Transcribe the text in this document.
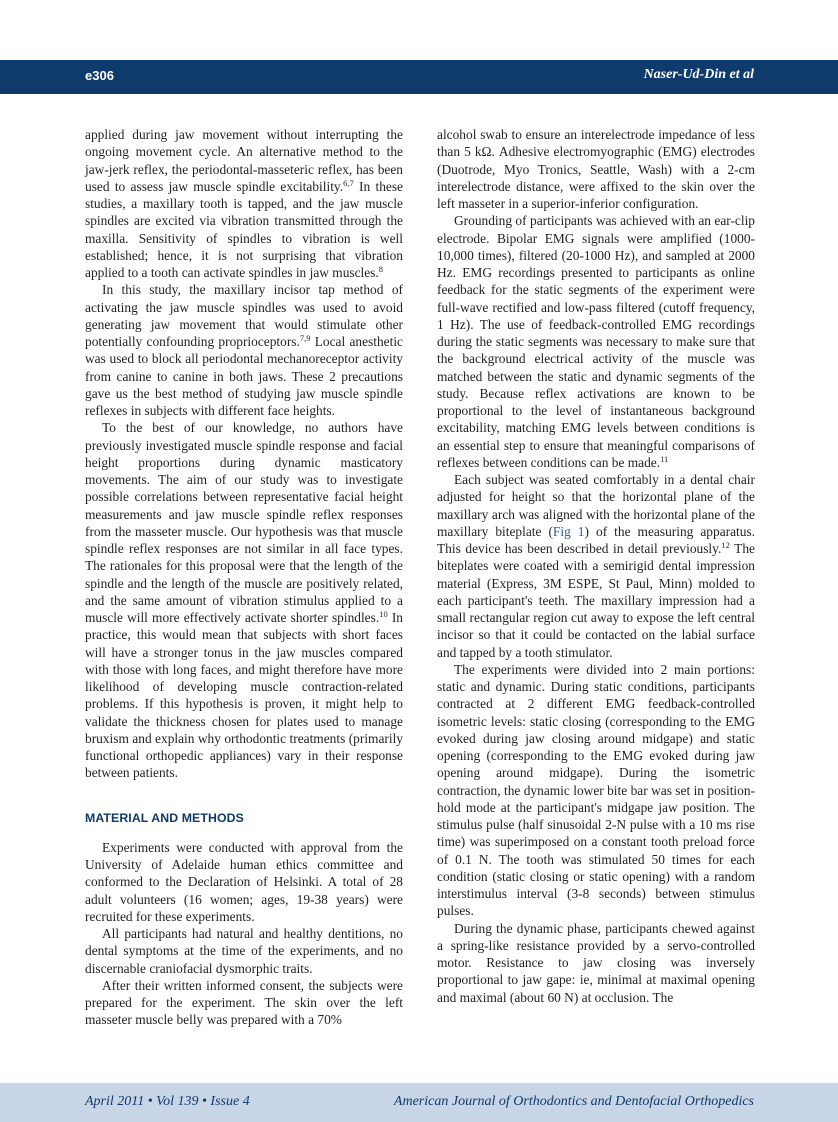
e306	Naser-Ud-Din et al

applied during jaw movement without interrupting the ongoing movement cycle. An alternative method to the jaw-jerk reflex, the periodontal-masseteric reflex, has been used to assess jaw muscle spindle excitability.$^{6,7}$ In these studies, a maxillary tooth is tapped, and the jaw muscle spindles are excited via vibration transmitted through the maxilla. Sensitivity of spindles to vibration is well established; hence, it is not surprising that vibration applied to a tooth can activate spindles in jaw muscles.$^8$

In this study, the maxillary incisor tap method of activating the jaw muscle spindles was used to avoid generating jaw movement that would stimulate other potentially confounding proprioceptors.$^{7,9}$ Local anesthetic was used to block all periodontal mechanoreceptor activity from canine to canine in both jaws. These 2 precautions gave us the best method of studying jaw muscle spindle reflexes in subjects with different face heights.

To the best of our knowledge, no authors have previously investigated muscle spindle response and facial height proportions during dynamic masticatory movements. The aim of our study was to investigate possible correlations between representative facial height measurements and jaw muscle spindle reflex responses from the masseter muscle. Our hypothesis was that muscle spindle reflex responses are not similar in all face types. The rationales for this proposal were that the length of the spindle and the length of the muscle are positively related, and the same amount of vibration stimulus applied to a muscle will more effectively activate shorter spindles.$^{10}$ In practice, this would mean that subjects with short faces will have a stronger tonus in the jaw muscles compared with those with long faces, and might therefore have more likelihood of developing muscle contraction-related problems. If this hypothesis is proven, it might help to validate the thickness chosen for plates used to manage bruxism and explain why orthodontic treatments (primarily functional orthopedic appliances) vary in their response between patients.

MATERIAL AND METHODS

Experiments were conducted with approval from the University of Adelaide human ethics committee and conformed to the Declaration of Helsinki. A total of 28 adult volunteers (16 women; ages, 19-38 years) were recruited for these experiments.

All participants had natural and healthy dentitions, no dental symptoms at the time of the experiments, and no discernable craniofacial dysmorphic traits.

After their written informed consent, the subjects were prepared for the experiment. The skin over the left masseter muscle belly was prepared with a 70%

alcohol swab to ensure an interelectrode impedance of less than 5 kΩ. Adhesive electromyographic (EMG) electrodes (Duotrode, Myo Tronics, Seattle, Wash) with a 2-cm interelectrode distance, were affixed to the skin over the left masseter in a superior-inferior configuration.

Grounding of participants was achieved with an ear-clip electrode. Bipolar EMG signals were amplified (1000-10,000 times), filtered (20-1000 Hz), and sampled at 2000 Hz. EMG recordings presented to participants as online feedback for the static segments of the experiment were full-wave rectified and low-pass filtered (cutoff frequency, 1 Hz). The use of feedback-controlled EMG recordings during the static segments was necessary to make sure that the background electrical activity of the muscle was matched between the static and dynamic segments of the study. Because reflex activations are known to be proportional to the level of instantaneous background excitability, matching EMG levels between conditions is an essential step to ensure that meaningful comparisons of reflexes between conditions can be made.$^{11}$

Each subject was seated comfortably in a dental chair adjusted for height so that the horizontal plane of the maxillary arch was aligned with the horizontal plane of the maxillary biteplate (Fig 1) of the measuring apparatus. This device has been described in detail previously.$^{12}$ The biteplates were coated with a semirigid dental impression material (Express, 3M ESPE, St Paul, Minn) molded to each participant's teeth. The maxillary impression had a small rectangular region cut away to expose the left central incisor so that it could be contacted on the labial surface and tapped by a tooth stimulator.

The experiments were divided into 2 main portions: static and dynamic. During static conditions, participants contracted at 2 different EMG feedback-controlled isometric levels: static closing (corresponding to the EMG evoked during jaw closing around midgape) and static opening (corresponding to the EMG evoked during jaw opening around midgape). During the isometric contraction, the dynamic lower bite bar was set in position-hold mode at the participant's midgape jaw position. The stimulus pulse (half sinusoidal 2-N pulse with a 10 ms rise time) was superimposed on a constant tooth preload force of 0.1 N. The tooth was stimulated 50 times for each condition (static closing or static opening) with a random interstimulus interval (3-8 seconds) between stimulus pulses.

During the dynamic phase, participants chewed against a spring-like resistance provided by a servo-controlled motor. Resistance to jaw closing was inversely proportional to jaw gape: ie, minimal at maximal opening and maximal (about 60 N) at occlusion. The

April 2011 • Vol 139 • Issue 4	American Journal of Orthodontics and Dentofacial Orthopedics
